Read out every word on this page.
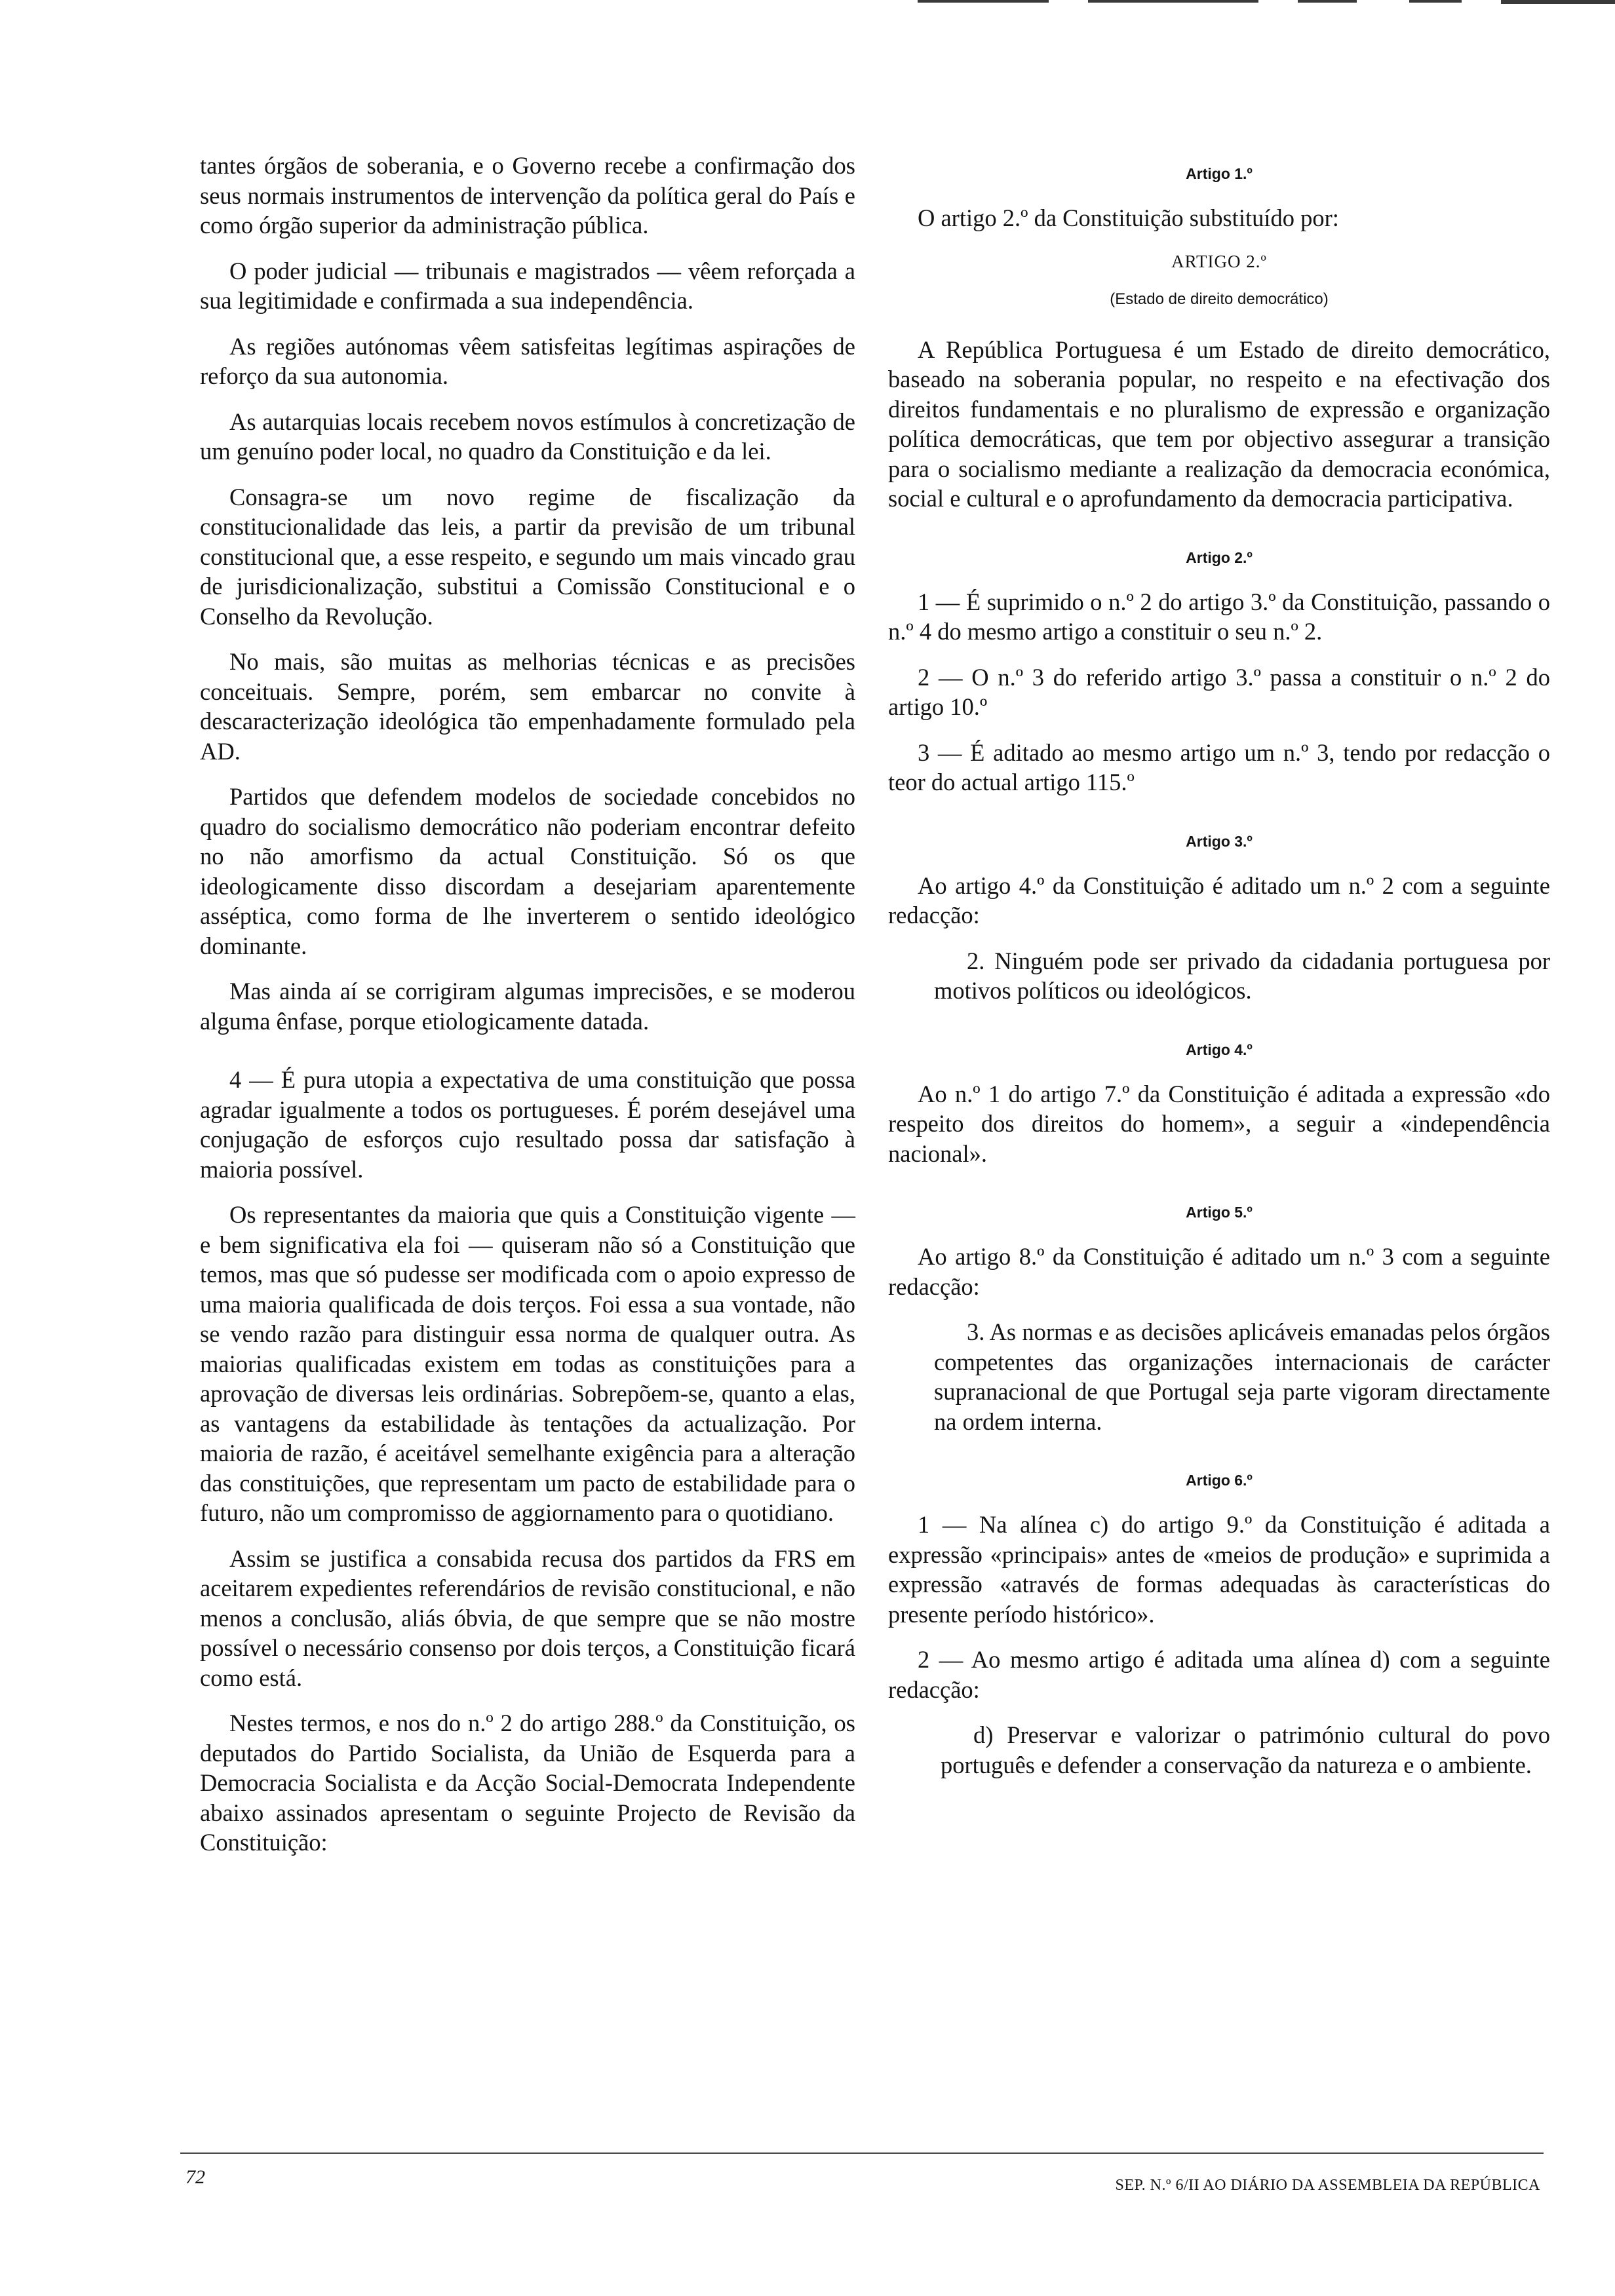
tantes órgãos de soberania, e o Governo recebe a confirmação dos seus normais instrumentos de intervenção da política geral do País e como órgão superior da administração pública.

O poder judicial — tribunais e magistrados — vêem reforçada a sua legitimidade e confirmada a sua independência.

As regiões autónomas vêem satisfeitas legítimas aspirações de reforço da sua autonomia.

As autarquias locais recebem novos estímulos à concretização de um genuíno poder local, no quadro da Constituição e da lei.

Consagra-se um novo regime de fiscalização da constitucionalidade das leis, a partir da previsão de um tribunal constitucional que, a esse respeito, e segundo um mais vincado grau de jurisdicionalização, substitui a Comissão Constitucional e o Conselho da Revolução.

No mais, são muitas as melhorias técnicas e as precisões conceituais. Sempre, porém, sem embarcar no convite à descaracterização ideológica tão empenhadamente formulado pela AD.

Partidos que defendem modelos de sociedade concebidos no quadro do socialismo democrático não poderiam encontrar defeito no não amorfismo da actual Constituição. Só os que ideologicamente disso discordam a desejariam aparentemente asséptica, como forma de lhe inverterem o sentido ideológico dominante.

Mas ainda aí se corrigiram algumas imprecisões, e se moderou alguma ênfase, porque etiologicamente datada.

4 — É pura utopia a expectativa de uma constituição que possa agradar igualmente a todos os portugueses. É porém desejável uma conjugação de esforços cujo resultado possa dar satisfação à maioria possível.

Os representantes da maioria que quis a Constituição vigente — e bem significativa ela foi — quiseram não só a Constituição que temos, mas que só pudesse ser modificada com o apoio expresso de uma maioria qualificada de dois terços. Foi essa a sua vontade, não se vendo razão para distinguir essa norma de qualquer outra. As maiorias qualificadas existem em todas as constituições para a aprovação de diversas leis ordinárias. Sobrepõem-se, quanto a elas, as vantagens da estabilidade às tentações da actualização. Por maioria de razão, é aceitável semelhante exigência para a alteração das constituições, que representam um pacto de estabilidade para o futuro, não um compromisso de aggiornamento para o quotidiano.

Assim se justifica a consabida recusa dos partidos da FRS em aceitarem expedientes referendários de revisão constitucional, e não menos a conclusão, aliás óbvia, de que sempre que se não mostre possível o necessário consenso por dois terços, a Constituição ficará como está.

Nestes termos, e nos do n.º 2 do artigo 288.º da Constituição, os deputados do Partido Socialista, da União de Esquerda para a Democracia Socialista e da Acção Social-Democrata Independente abaixo assinados apresentam o seguinte Projecto de Revisão da Constituição:

Artigo 1.º

O artigo 2.º da Constituição substituído por:

ARTIGO 2.º
(Estado de direito democrático)

A República Portuguesa é um Estado de direito democrático, baseado na soberania popular, no respeito e na efectivação dos direitos fundamentais e no pluralismo de expressão e organização política democráticas, que tem por objectivo assegurar a transição para o socialismo mediante a realização da democracia económica, social e cultural e o aprofundamento da democracia participativa.

Artigo 2.º

1 — É suprimido o n.º 2 do artigo 3.º da Constituição, passando o n.º 4 do mesmo artigo a constituir o seu n.º 2.

2 — O n.º 3 do referido artigo 3.º passa a constituir o n.º 2 do artigo 10.º

3 — É aditado ao mesmo artigo um n.º 3, tendo por redacção o teor do actual artigo 115.º

Artigo 3.º

Ao artigo 4.º da Constituição é aditado um n.º 2 com a seguinte redacção:

2. Ninguém pode ser privado da cidadania portuguesa por motivos políticos ou ideológicos.

Artigo 4.º

Ao n.º 1 do artigo 7.º da Constituição é aditada a expressão «do respeito dos direitos do homem», a seguir a «independência nacional».

Artigo 5.º

Ao artigo 8.º da Constituição é aditado um n.º 3 com a seguinte redacção:

3. As normas e as decisões aplicáveis emanadas pelos órgãos competentes das organizações internacionais de carácter supranacional de que Portugal seja parte vigoram directamente na ordem interna.

Artigo 6.º

1 — Na alínea c) do artigo 9.º da Constituição é aditada a expressão «principais» antes de «meios de produção» e suprimida a expressão «através de formas adequadas às características do presente período histórico».

2 — Ao mesmo artigo é aditada uma alínea d) com a seguinte redacção:

d) Preservar e valorizar o património cultural do povo português e defender a conservação da natureza e o ambiente.

72	SEP. N.º 6/II AO DIÁRIO DA ASSEMBLEIA DA REPÚBLICA
